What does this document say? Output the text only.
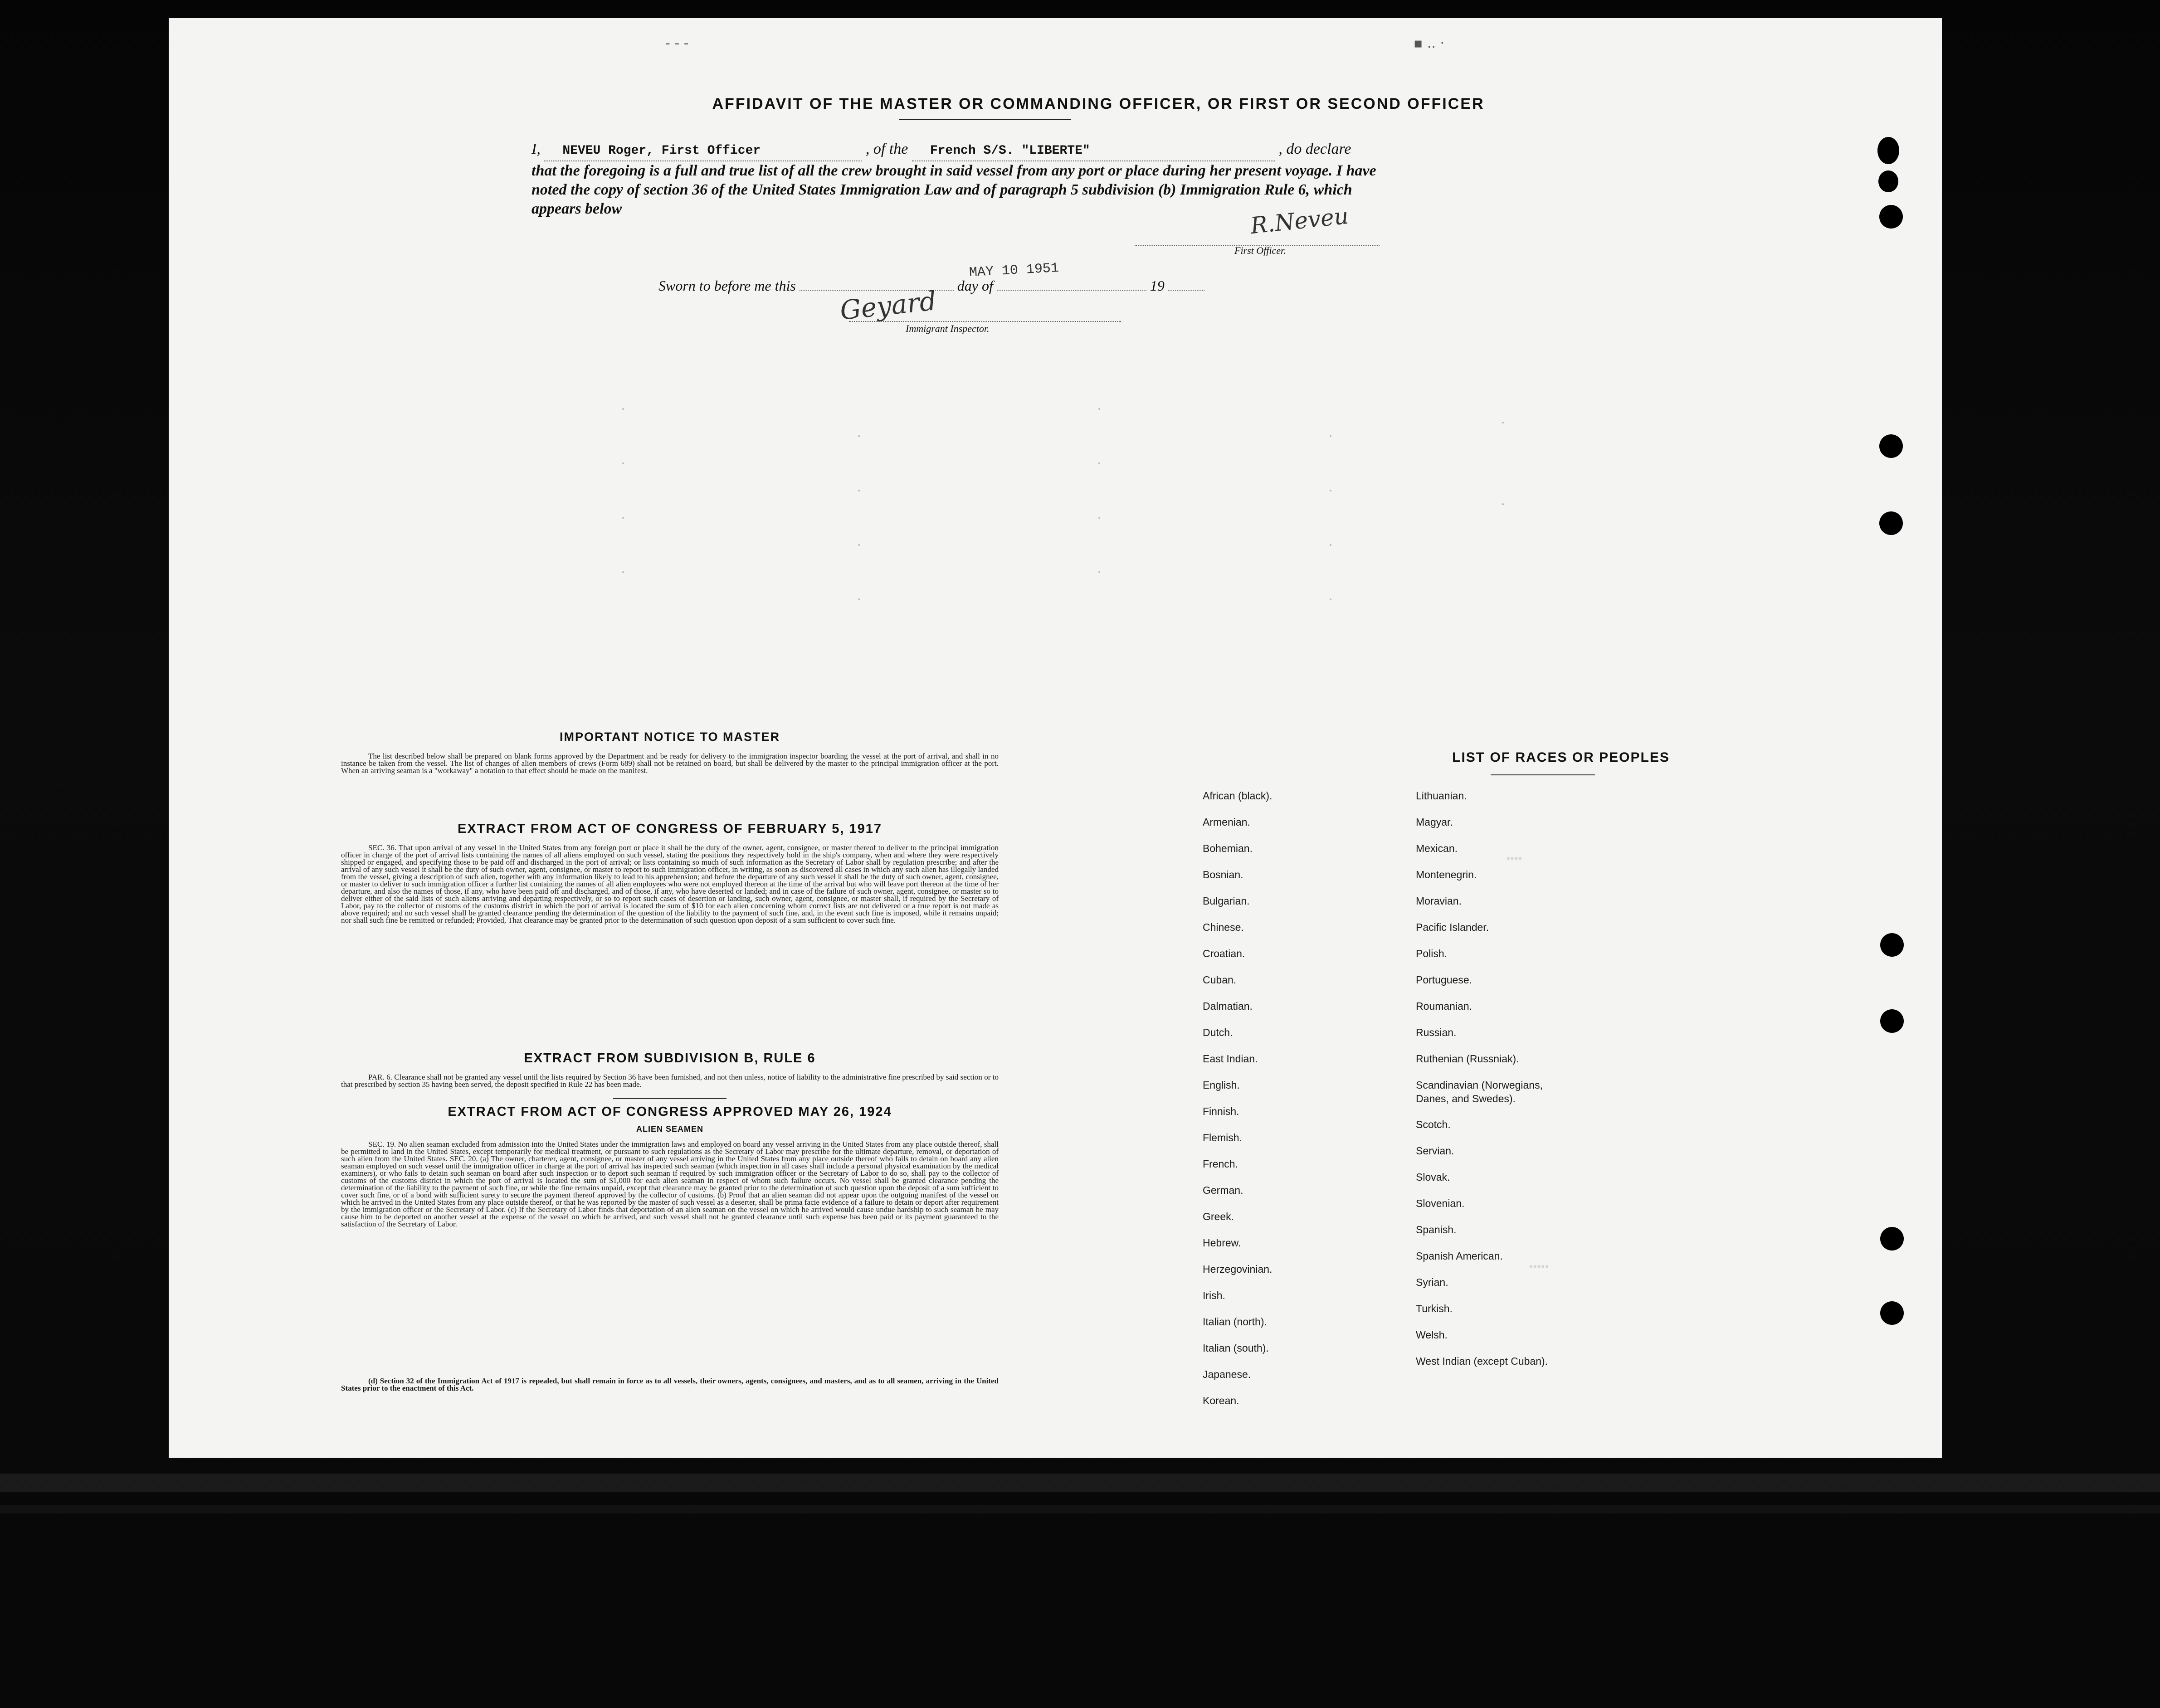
- - -	▪ .. ·
AFFIDAVIT OF THE MASTER OR COMMANDING OFFICER, OR FIRST OR SECOND OFFICER
I, NEVEU Roger, First Officer	, of the French S/S. "LIBERTE"	, do declare
that the foregoing is a full and true list of all the crew brought in said vessel from any port or place during her present voyage. I have noted the copy of section 36 of the United States Immigration Law and of paragraph 5 subdivision (b) Immigration Rule 6, which appears below	R.Neveu
First Officer.
Sworn to before me this	day of	19
MAY 10 1951
Geyard
Immigrant Inspector.
IMPORTANT NOTICE TO MASTER
The list described below shall be prepared on blank forms approved by the Department and be ready for delivery to the immigration inspector boarding the vessel at the port of arrival, and shall in no instance be taken from the vessel. The list of changes of alien members of crews (Form 689) shall not be retained on board, but shall be delivered by the master to the principal immigration officer at the port. When an arriving seaman is a "workaway" a notation to that effect should be made on the manifest.
EXTRACT FROM ACT OF CONGRESS OF FEBRUARY 5, 1917
SEC. 36. That upon arrival of any vessel in the United States from any foreign port or place it shall be the duty of the owner, agent, consignee, or master thereof to deliver to the principal immigration officer in charge of the port of arrival lists containing the names of all aliens employed on such vessel, stating the positions they respectively hold in the ship's company, when and where they were respectively shipped or engaged, and specifying those to be paid off and discharged in the port of arrival; or lists containing so much of such information as the Secretary of Labor shall by regulation prescribe; and after the arrival of any such vessel it shall be the duty of such owner, agent, consignee, or master to report to such immigration officer, in writing, as soon as discovered all cases in which any such alien has illegally landed from the vessel, giving a description of such alien, together with any information likely to lead to his apprehension; and before the departure of any such vessel it shall be the duty of such owner, agent, consignee, or master to deliver to such immigration officer a further list containing the names of all alien employees who were not employed thereon at the time of the arrival but who will leave port thereon at the time of her departure, and also the names of those, if any, who have been paid off and discharged, and of those, if any, who have deserted or landed; and in case of the failure of such owner, agent, consignee, or master so to deliver either of the said lists of such aliens arriving and departing respectively, or so to report such cases of desertion or landing, such owner, agent, consignee, or master shall, if required by the Secretary of Labor, pay to the collector of customs of the customs district in which the port of arrival is located the sum of $10 for each alien concerning whom correct lists are not delivered or a true report is not made as above required; and no such vessel shall be granted clearance pending the determination of the question of the liability to the payment of such fine, and, in the event such fine is imposed, while it remains unpaid; nor shall such fine be remitted or refunded; Provided, That clearance may be granted prior to the determination of such question upon deposit of a sum sufficient to cover such fine.
EXTRACT FROM SUBDIVISION B, RULE 6
PAR. 6. Clearance shall not be granted any vessel until the lists required by Section 36 have been furnished, and not then unless, notice of liability to the administrative fine prescribed by said section or to that prescribed by section 35 having been served, the deposit specified in Rule 22 has been made.
EXTRACT FROM ACT OF CONGRESS APPROVED MAY 26, 1924
ALIEN SEAMEN
SEC. 19. No alien seaman excluded from admission into the United States under the immigration laws and employed on board any vessel arriving in the United States from any place outside thereof, shall be permitted to land in the United States, except temporarily for medical treatment, or pursuant to such regulations as the Secretary of Labor may prescribe for the ultimate departure, removal, or deportation of such alien from the United States. SEC. 20. (a) The owner, charterer, agent, consignee, or master of any vessel arriving in the United States from any place outside thereof who fails to detain on board any alien seaman employed on such vessel until the immigration officer in charge at the port of arrival has inspected such seaman (which inspection in all cases shall include a personal physical examination by the medical examiners), or who fails to detain such seaman on board after such inspection or to deport such seaman if required by such immigration officer or the Secretary of Labor to do so, shall pay to the collector of customs of the customs district in which the port of arrival is located the sum of $1,000 for each alien seaman in respect of whom such failure occurs. No vessel shall be granted clearance pending the determination of the liability to the payment of such fine, or while the fine remains unpaid, except that clearance may be granted prior to the determination of such question upon the deposit of a sum sufficient to cover such fine, or of a bond with sufficient surety to secure the payment thereof approved by the collector of customs. (b) Proof that an alien seaman did not appear upon the outgoing manifest of the vessel on which he arrived in the United States from any place outside thereof, or that he was reported by the master of such vessel as a deserter, shall be prima facie evidence of a failure to detain or deport after requirement by the immigration officer or the Secretary of Labor. (c) If the Secretary of Labor finds that deportation of an alien seaman on the vessel on which he arrived would cause undue hardship to such seaman he may cause him to be deported on another vessel at the expense of the vessel on which he arrived, and such vessel shall not be granted clearance until such expense has been paid or its payment guaranteed to the satisfaction of the Secretary of Labor.
(d) Section 32 of the Immigration Act of 1917 is repealed, but shall remain in force as to all vessels, their owners, agents, consignees, and masters, and as to all seamen, arriving in the United States prior to the enactment of this Act.
LIST OF RACES OR PEOPLES
African (black).
Armenian.
Bohemian.
Bosnian.
Bulgarian.
Chinese.
Croatian.
Cuban.
Dalmatian.
Dutch.
East Indian.
English.
Finnish.
Flemish.
French.
German.
Greek.
Hebrew.
Herzegovinian.
Irish.
Italian (north).
Italian (south).
Japanese.
Korean.
Lithuanian.
Magyar.
Mexican.
Montenegrin.
Moravian.
Pacific Islander.
Polish.
Portuguese.
Roumanian.
Russian.
Ruthenian (Russniak).
Scandinavian (Norwegians, Danes, and Swedes).
Scotch.
Servian.
Slovak.
Slovenian.
Spanish.
Spanish American.
Syrian.
Turkish.
Welsh.
West Indian (except Cuban).
▪▪▪▪
▪▪▪▪▪
